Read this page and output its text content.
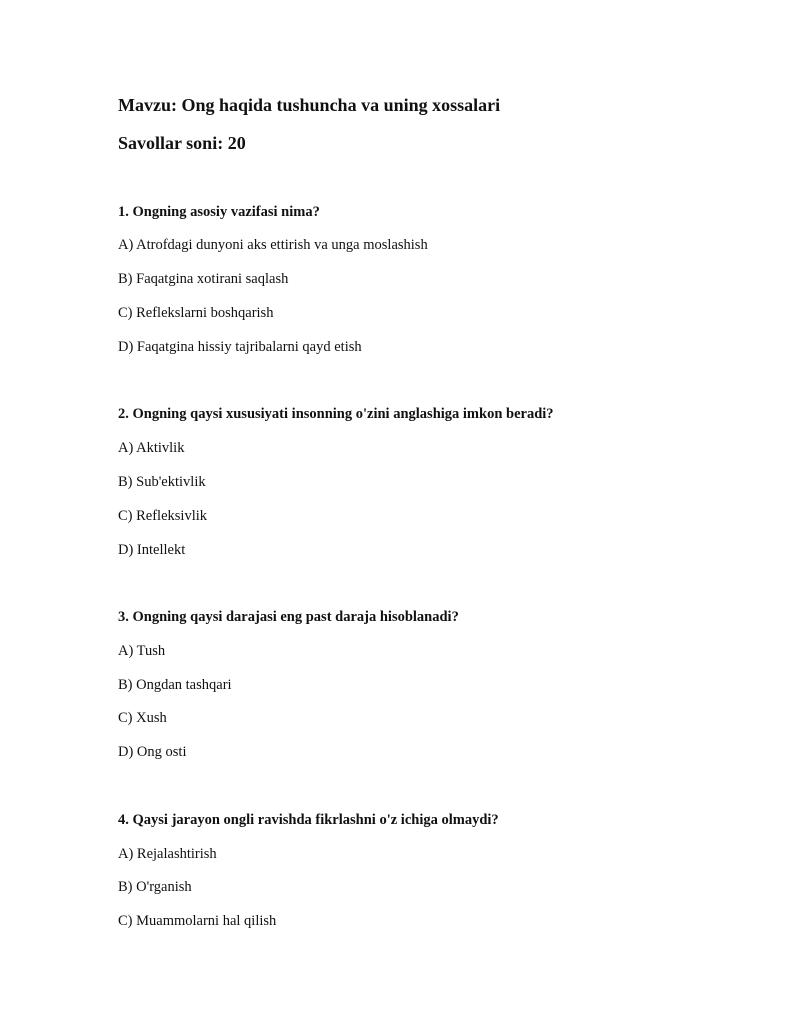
Mavzu: Ong haqida tushuncha va uning xossalari
Savollar soni: 20
1. Ongning asosiy vazifasi nima?
A) Atrofdagi dunyoni aks ettirish va unga moslashish
B) Faqatgina xotirani saqlash
C) Reflekslarni boshqarish
D) Faqatgina hissiy tajribalarni qayd etish
2. Ongning qaysi xususiyati insonning o'zini anglashiga imkon beradi?
A) Aktivlik
B) Sub'ektivlik
C) Refleksivlik
D) Intellekt
3. Ongning qaysi darajasi eng past daraja hisoblanadi?
A) Tush
B) Ongdan tashqari
C) Xush
D) Ong osti
4. Qaysi jarayon ongli ravishda fikrlashni o'z ichiga olmaydi?
A) Rejalashtirish
B) O'rganish
C) Muammolarni hal qilish
